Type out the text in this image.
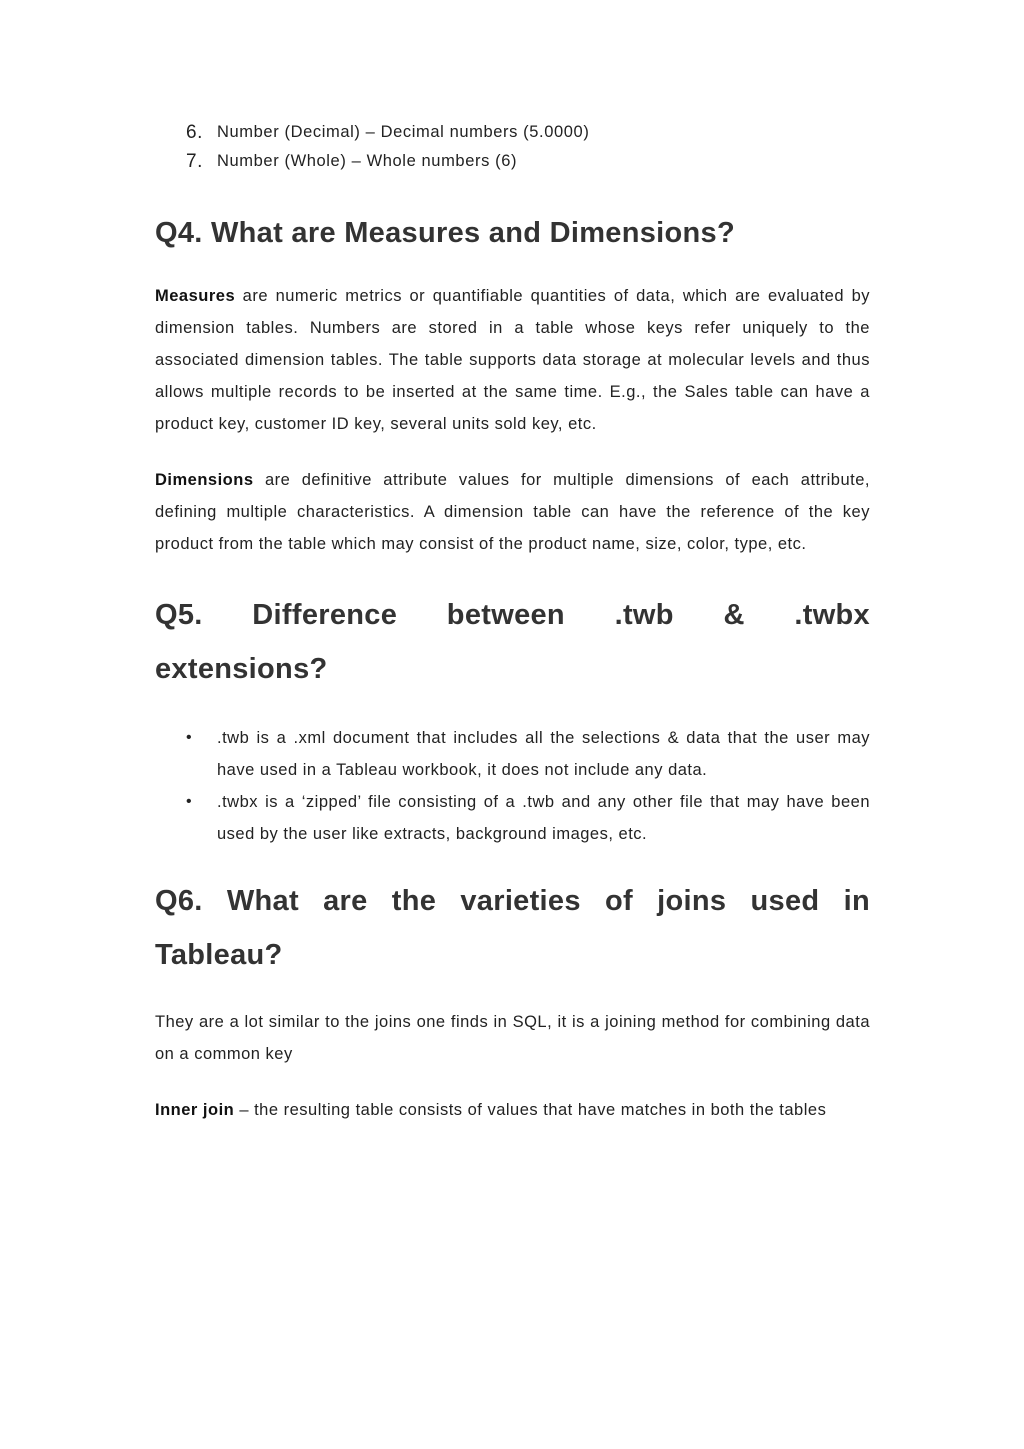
6. Number (Decimal) – Decimal numbers (5.0000)
7. Number (Whole) – Whole numbers (6)
Q4. What are Measures and Dimensions?

Measures are numeric metrics or quantifiable quantities of data, which are evaluated by dimension tables. Numbers are stored in a table whose keys refer uniquely to the associated dimension tables. The table supports data storage at molecular levels and thus allows multiple records to be inserted at the same time. E.g., the Sales table can have a product key, customer ID key, several units sold key, etc.

Dimensions are definitive attribute values for multiple dimensions of each attribute, defining multiple characteristics. A dimension table can have the reference of the key product from the table which may consist of the product name, size, color, type, etc.

Q5. Difference between .twb & .twbx
extensions?
• .twb is a .xml document that includes all the selections & data that the user may have used in a Tableau workbook, it does not include any data.
• .twbx is a ‘zipped’ file consisting of a .twb and any other file that may have been used by the user like extracts, background images, etc.
Q6. What are the varieties of joins used in
Tableau?

They are a lot similar to the joins one finds in SQL, it is a joining method for combining data on a common key

Inner join – the resulting table consists of values that have matches in both the tables
